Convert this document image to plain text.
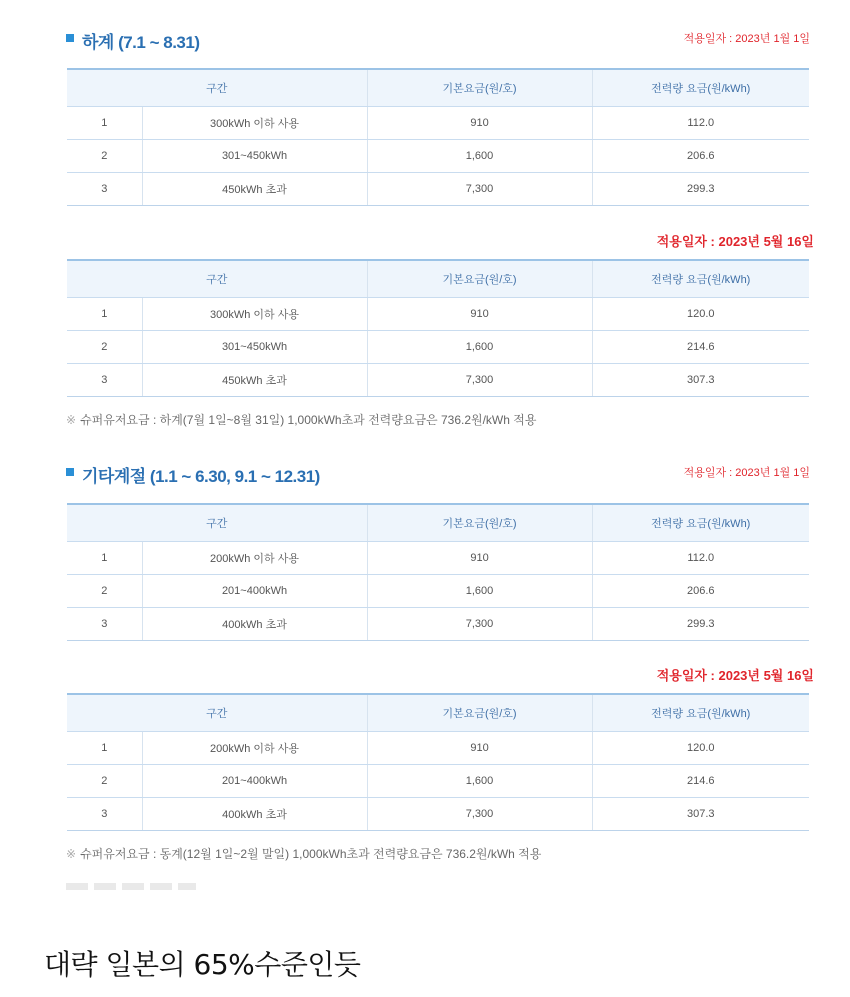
하계 (7.1 ~ 8.31)	적용일자 : 2023년 1월 1일
구간		기본요금(원/호)	전력량 요금(원/kWh)
1	300kWh 이하 사용	910	112.0
2	301~450kWh	1,600	206.6
3	450kWh 초과	7,300	299.3
적용일자 : 2023년 5월 16일
구간		기본요금(원/호)	전력량 요금(원/kWh)
1	300kWh 이하 사용	910	120.0
2	301~450kWh	1,600	214.6
3	450kWh 초과	7,300	307.3
※ 슈퍼유저요금 : 하계(7월 1일~8월 31일) 1,000kWh초과 전력량요금은 736.2원/kWh 적용
기타계절 (1.1 ~ 6.30, 9.1 ~ 12.31)	적용일자 : 2023년 1월 1일
구간		기본요금(원/호)	전력량 요금(원/kWh)
1	200kWh 이하 사용	910	112.0
2	201~400kWh	1,600	206.6
3	400kWh 초과	7,300	299.3
적용일자 : 2023년 5월 16일
구간		기본요금(원/호)	전력량 요금(원/kWh)
1	200kWh 이하 사용	910	120.0
2	201~400kWh	1,600	214.6
3	400kWh 초과	7,300	307.3
※ 슈퍼유저요금 : 동계(12월 1일~2월 말일) 1,000kWh초과 전력량요금은 736.2원/kWh 적용
대략 일본의 65%수준인듯
